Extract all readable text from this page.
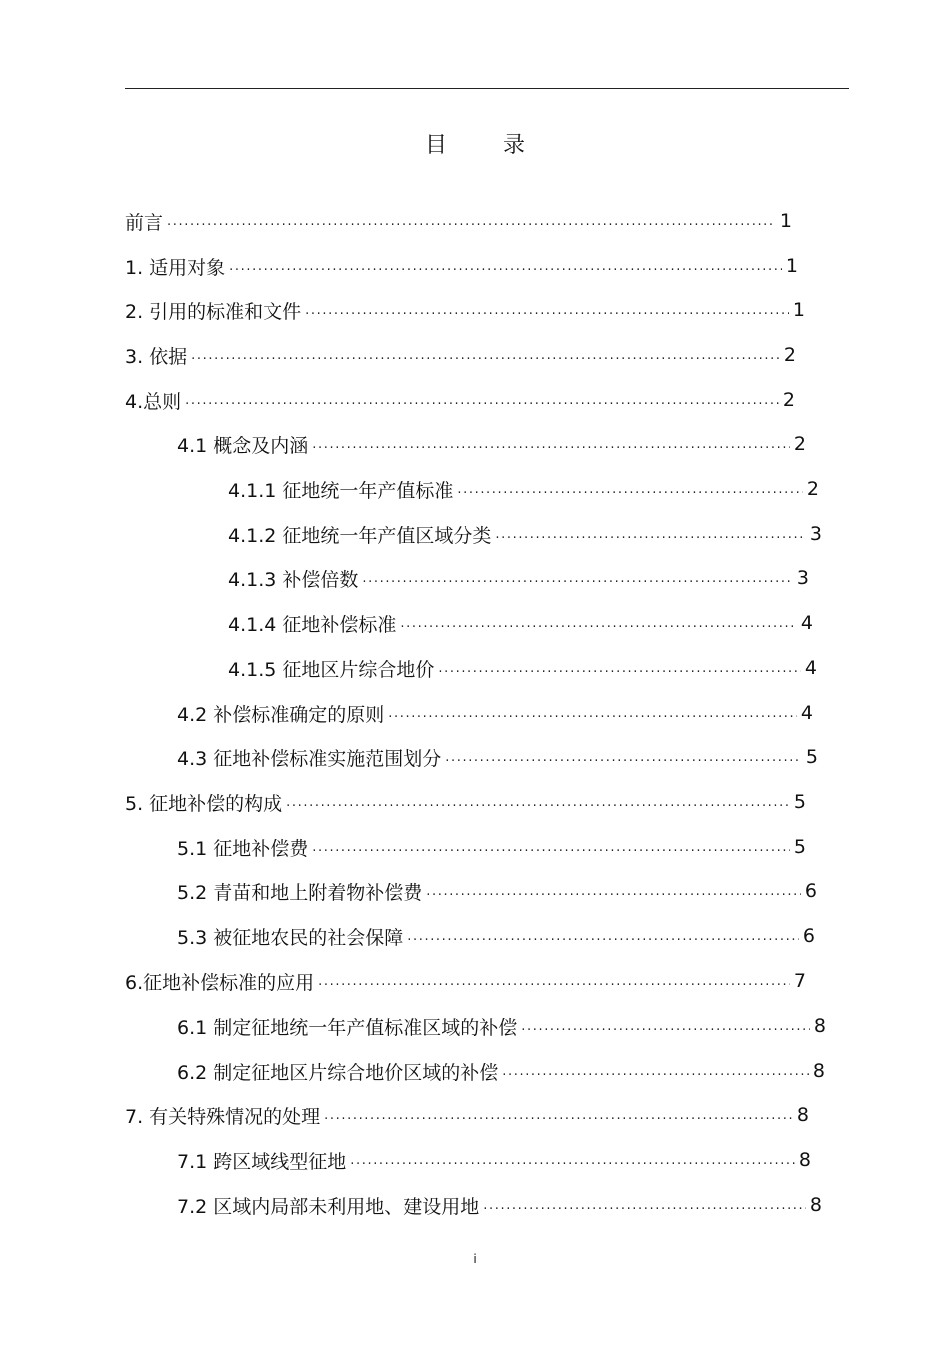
目	录
前言 .....	1
1. 适用对象 .....	1
2. 引用的标准和文件 .....	1
3. 依据 .....	2
4.总则 .....	2
4.1 概念及内涵 .....	2
4.1.1 征地统一年产值标准 .....	2
4.1.2 征地统一年产值区域分类 .....	3
4.1.3 补偿倍数 .....	3
4.1.4 征地补偿标准 .....	4
4.1.5 征地区片综合地价 .....	4
4.2 补偿标准确定的原则 .....	4
4.3 征地补偿标准实施范围划分 .....	5
5. 征地补偿的构成 .....	5
5.1 征地补偿费 .....	5
5.2 青苗和地上附着物补偿费 .....	6
5.3 被征地农民的社会保障 .....	6
6.征地补偿标准的应用 .....	7
6.1 制定征地统一年产值标准区域的补偿 .....	8
6.2 制定征地区片综合地价区域的补偿 .....	8
7. 有关特殊情况的处理 .....	8
7.1 跨区域线型征地 .....	8
7.2 区域内局部未利用地、建设用地 .....	8
i
